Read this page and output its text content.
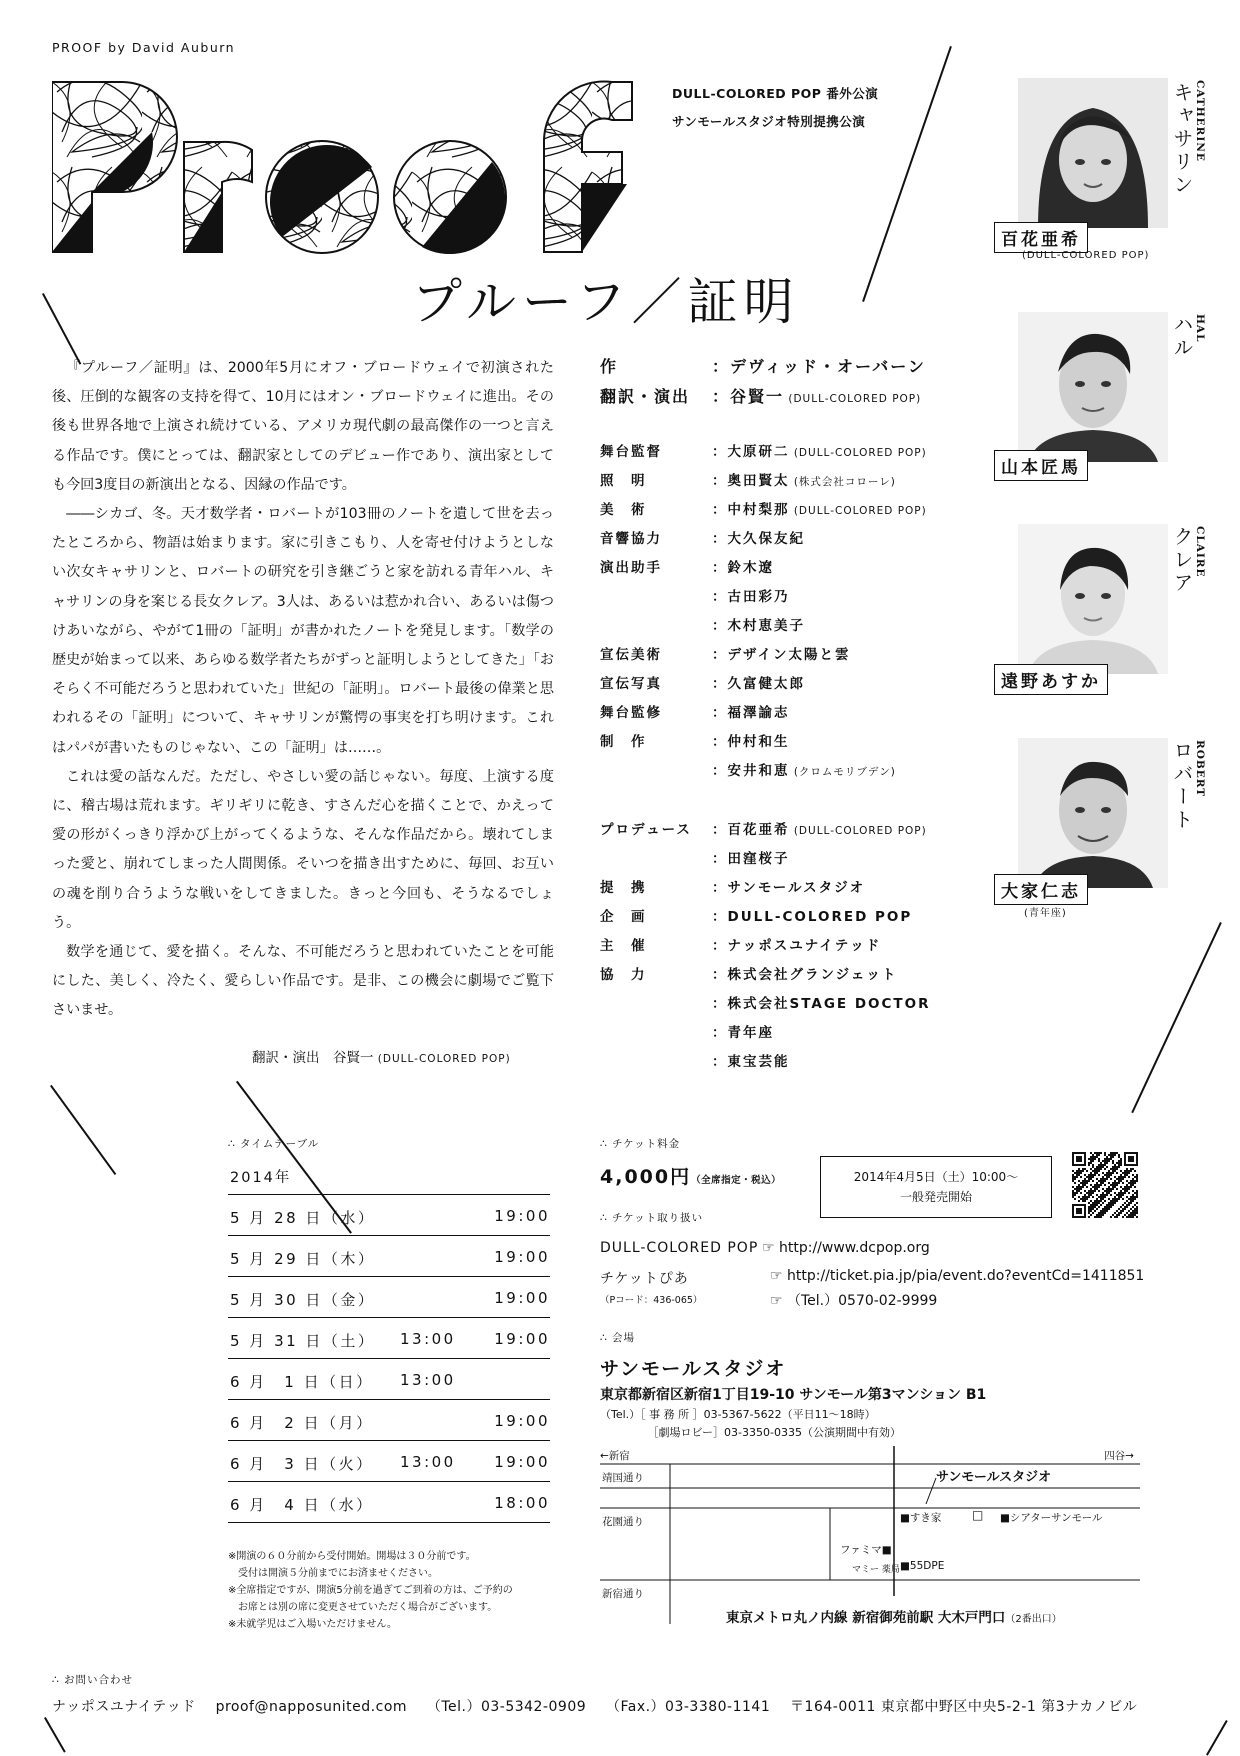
PROOF by David Auburn
プルーフ／証明
DULL-COLORED POP 番外公演
サンモールスタジオ特別提携公演
百花亜希
(DULL-COLORED POP)
CATHERINE
キャサリン
山本匠馬
HAL
ハル
遠野あすか
CLAIRE
クレア
大家仁志
(青年座)
ROBERT
ロバート

『プルーフ／証明』は、2000年5月にオフ・ブロードウェイで初演された後、圧倒的な観客の支持を得て、10月にはオン・ブロードウェイに進出。その後も世界各地で上演され続けている、アメリカ現代劇の最高傑作の一つと言える作品です。僕にとっては、翻訳家としてのデビュー作であり、演出家としても今回3度目の新演出となる、因縁の作品です。

――シカゴ、冬。天才数学者・ロバートが103冊のノートを遺して世を去ったところから、物語は始まります。家に引きこもり、人を寄せ付けようとしない次女キャサリンと、ロバートの研究を引き継ごうと家を訪れる青年ハル、キャサリンの身を案じる長女クレア。3人は、あるいは惹かれ合い、あるいは傷つけあいながら、やがて1冊の「証明」が書かれたノートを発見します。「数学の歴史が始まって以来、あらゆる数学者たちがずっと証明しようとしてきた」「おそらく不可能だろうと思われていた」世紀の「証明」。ロバート最後の偉業と思われるその「証明」について、キャサリンが驚愕の事実を打ち明けます。これはパパが書いたものじゃない、この「証明」は……。

これは愛の話なんだ。ただし、やさしい愛の話じゃない。毎度、上演する度に、稽古場は荒れます。ギリギリに乾き、すさんだ心を描くことで、かえって愛の形がくっきり浮かび上がってくるような、そんな作品だから。壊れてしまった愛と、崩れてしまった人間関係。そいつを描き出すために、毎回、お互いの魂を削り合うような戦いをしてきました。きっと今回も、そうなるでしょう。

数学を通じて、愛を描く。そんな、不可能だろうと思われていたことを可能にした、美しく、冷たく、愛らしい作品です。是非、この機会に劇場でご覧下さいませ。

翻訳・演出　谷賢一 (DULL-COLORED POP)
作	：デヴィッド・オーバーン
翻訳・演出 ：谷賢一 (DULL-COLORED POP)
舞台監督	：大原研二 (DULL-COLORED POP)
照　明	：奥田賢太 (株式会社コローレ)
美　術	：中村梨那 (DULL-COLORED POP)
音響協力	：大久保友紀
演出助手	：鈴木遼
：古田彩乃
：木村恵美子
宣伝美術	：デザイン太陽と雲
宣伝写真	：久富健太郎
舞台監修	：福澤諭志
制　作	：仲村和生
：安井和恵 (クロムモリブデン)
プロデュース ：百花亜希 (DULL-COLORED POP)
：田窪桜子
提　携	：サンモールスタジオ
企　画	：DULL-COLORED POP
主　催	：ナッポスユナイテッド
協　力	：株式会社グランジェット
：株式会社STAGE DOCTOR
：青年座
：東宝芸能
∴ タイムテーブル
2014年
5 月 28 日（水）	19:00
5 月 29 日（木）	19:00
5 月 30 日（金）	19:00
5 月 31 日（土） 13:00	19:00
6 月　1 日（日） 13:00
6 月　2 日（月）	19:00
6 月　3 日（火） 13:00	19:00
6 月　4 日（水）	18:00
※開演の６０分前から受付開始。開場は３０分前です。
　受付は開演５分前までにお済ませください。
※全席指定ですが、開演5分前を過ぎてご到着の方は、ご予約の
　お席とは別の席に変更させていただく場合がございます。
※未就学児はご入場いただけません。
∴ チケット料金
4,000円（全席指定・税込）	2014年4月5日（土）10:00～
一般発売開始
∴ チケット取り扱い
DULL-COLORED POP ☞ http://www.dcpop.org
チケットぴあ	☞ http://ticket.pia.jp/pia/event.do?eventCd=1411851
（Pコード：436-065）	☞ （Tel.）0570-02-9999
∴ 会場
サンモールスタジオ
東京都新宿区新宿1丁目19-10 サンモール第3マンション B1
（Tel.）［ 事 務 所 ］03-5367-5622（平日11～18時）
　　　　 ［劇場ロビー］03-3350-0335（公演期間中有効）
←新宿	四谷→
靖国通り
花園通り
新宿通り
サンモールスタジオ
■すき家	□ ■シアターサンモール
ファミマ■
マミー 薬局 ■55DPE
東京メトロ丸ノ内線 新宿御苑前駅 大木戸門口（2番出口）
∴ お問い合わせ
ナッポスユナイテッド proof@napposunited.com （Tel.）03-5342-0909 （Fax.）03-3380-1141 〒164-0011 東京都中野区中央5-2-1 第3ナカノビル
